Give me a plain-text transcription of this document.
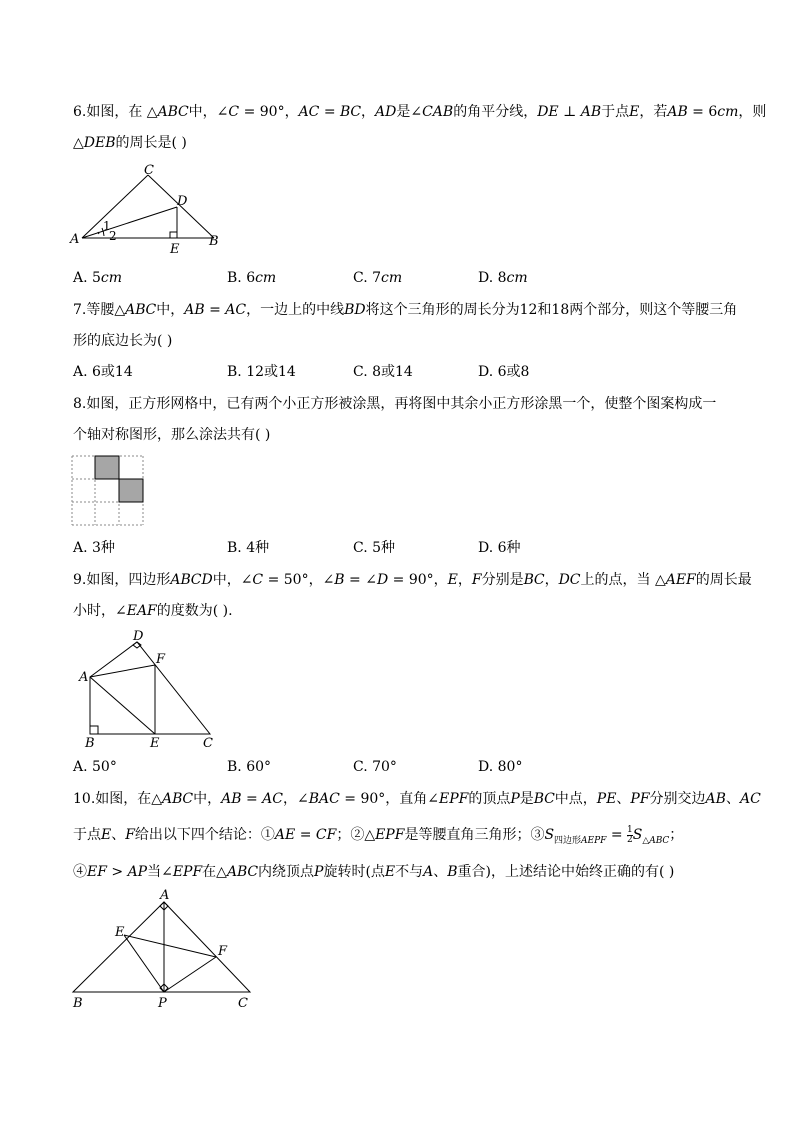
6.如图，在 △𝐴𝐵𝐶中，∠𝐶 = 90°，𝐴𝐶 = 𝐵𝐶，𝐴𝐷是∠𝐶𝐴𝐵的角平分线，𝐷𝐸 ⊥ 𝐴𝐵于点𝐸，若𝐴𝐵 = 6𝑐𝑚，则
△𝐷𝐸𝐵的周长是( )
A	B
C
D
E
1
2
A. 5𝑐𝑚	B. 6𝑐𝑚	C. 7𝑐𝑚	D. 8𝑐𝑚
7.等腰△𝐴𝐵𝐶中，𝐴𝐵 = 𝐴𝐶，一边上的中线𝐵𝐷将这个三角形的周长分为12和18两个部分，则这个等腰三角
形的底边长为( )
A. 6或14	B. 12或14	C. 8或14	D. 6或8
8.如图，正方形网格中，已有两个小正方形被涂黑，再将图中其余小正方形涂黑一个，使整个图案构成一
个轴对称图形，那么涂法共有( )
A. 3种	B. 4种	C. 5种	D. 6种
9.如图，四边形𝐴𝐵𝐶𝐷中，∠𝐶 = 50°，∠𝐵 = ∠𝐷 = 90°，𝐸，𝐹分别是𝐵𝐶，𝐷𝐶上的点，当 △𝐴𝐸𝐹的周长最
小时，∠𝐸𝐴𝐹的度数为( ).
A
B	C
D
E
F
A. 50°	B. 60°	C. 70°	D. 80°
10.如图，在△𝐴𝐵𝐶中，𝐴𝐵 = 𝐴𝐶，∠𝐵𝐴𝐶 = 90°，直角∠𝐸𝑃𝐹的顶点𝑃是𝐵𝐶中点，𝑃𝐸、𝑃𝐹分别交边𝐴𝐵、𝐴𝐶
于点𝐸、𝐹给出以下四个结论：①𝐴𝐸 = 𝐶𝐹；②△𝐸𝑃𝐹是等腰直角三角形；③𝑆$_{四边形𝐴𝐸𝑃𝐹}$ = $\frac{1}{2}$ 𝑆$_{\triangle 𝐴𝐵𝐶}$；
④𝐸𝐹 > 𝐴𝑃当∠𝐸𝑃𝐹在△𝐴𝐵𝐶内绕顶点𝑃旋转时(点𝐸不与𝐴、𝐵重合)，上述结论中始终正确的有( )
A
B	C
E
F
P
